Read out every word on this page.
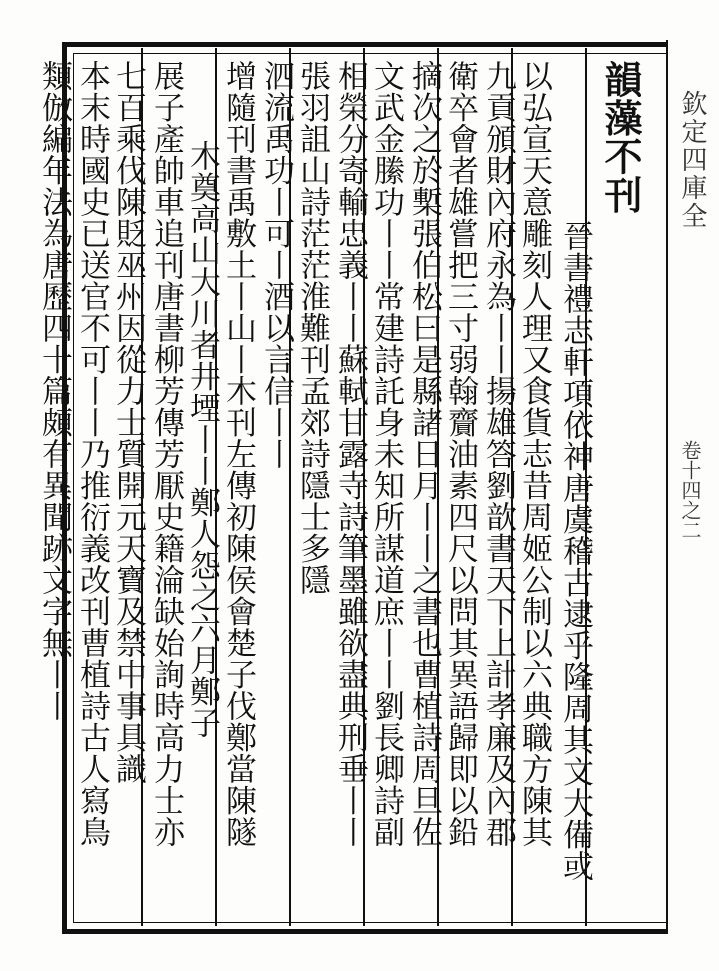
韻藻不刊
晉書禮志軒項依神唐虞稽古逮乎隆周其文大備或
以弘宣天意雕刻人理又食貨志昔周姬公制以六典職方陳其
九貢頒財內府永為丨丨揚雄答劉歆書天下上計孝廉及內郡
衛卒會者雄嘗把三寸弱翰齎油素四尺以問其異語歸即以鉛
摘次之於槧張伯松曰是縣諸日月丨丨之書也曹植詩周旦佐
文武金縢功丨丨常建詩託身未知所謀道庶丨丨劉長卿詩副
相榮分寄輸忠義丨丨蘇軾甘露寺詩筆墨雖欲盡典刑垂丨丨
張羽詛山詩茫茫淮難刊孟郊詩隱士多隱
泗流禹功丨可丨酒以言信丨丨
增隨刊書禹敷土丨山丨木刊左傳初陳侯會楚子伐鄭當陳隧
木奠高山大川者井堙丨丨鄭人怨之六月鄭子
展子產帥車追刊唐書柳芳傳芳厭史籍淪缺始詢時高力士亦
七百乘伐陳貶巫州因從力士質開元天寶及禁中事具識
本末時國史已送官不可丨丨乃推衍義改刊曹植詩古人寫鳥
類倣編年法為唐歷四十篇頗有異聞跡文字無丨丨	欽定四庫全
卷十四之二
